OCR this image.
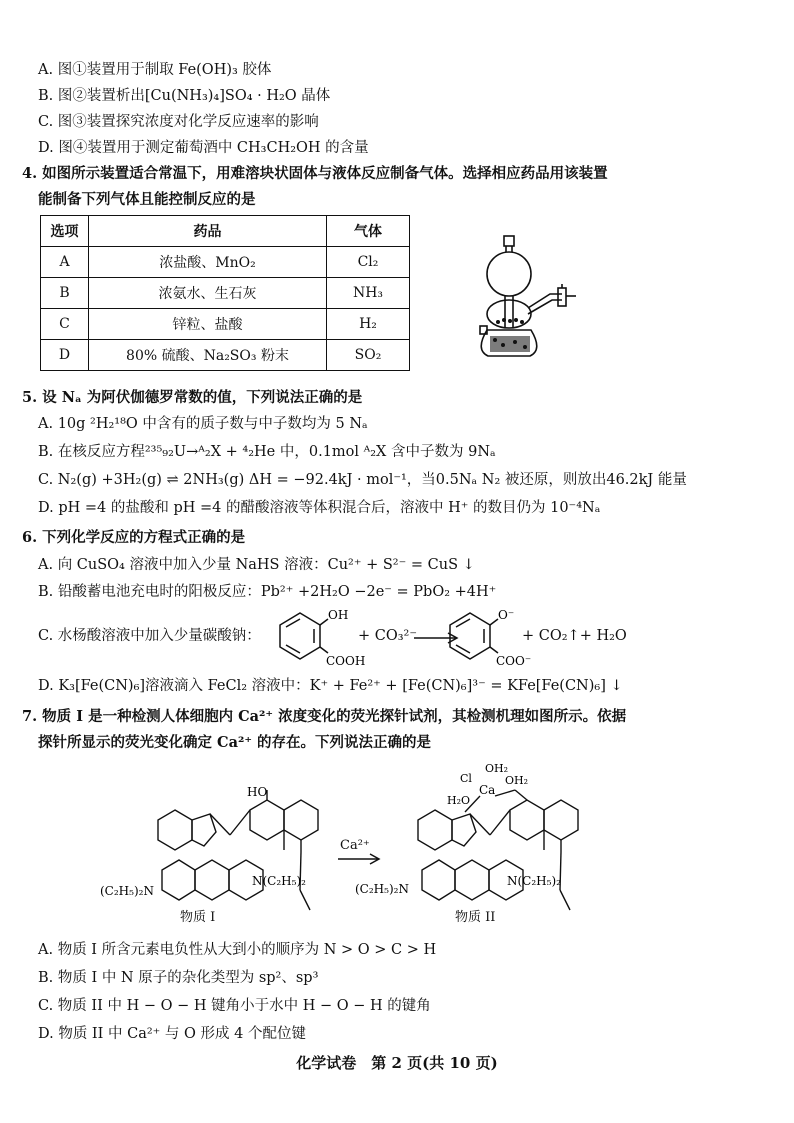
A. 图①装置用于制取 Fe(OH)₃ 胶体
B. 图②装置析出[Cu(NH₃)₄]SO₄ · H₂O 晶体
C. 图③装置探究浓度对化学反应速率的影响
D. 图④装置用于测定葡萄酒中 CH₃CH₂OH 的含量
4. 如图所示装置适合常温下，用难溶块状固体与液体反应制备气体。选择相应药品用该装置
能制备下列气体且能控制反应的是
选项	药品	气体
A	浓盐酸、MnO₂	Cl₂
B	浓氨水、生石灰	NH₃
C	锌粒、盐酸	H₂
D	80% 硫酸、Na₂SO₃ 粉末	SO₂
5. 设 Nₐ 为阿伏伽德罗常数的值，下列说法正确的是
A. 10g ²H₂¹⁸O 中含有的质子数与中子数均为 5 Nₐ
B. 在核反应方程²³⁵₉₂U→ᴬ₂X + ⁴₂He 中，0.1mol ᴬ₂X 含中子数为 9Nₐ
C. N₂(g) +3H₂(g) ⇌ 2NH₃(g) ΔH = −92.4kJ · mol⁻¹，当0.5Nₐ N₂ 被还原，则放出46.2kJ 能量
D. pH =4 的盐酸和 pH =4 的醋酸溶液等体积混合后，溶液中 H⁺ 的数目仍为 10⁻⁴Nₐ
6. 下列化学反应的方程式正确的是
A. 向 CuSO₄ 溶液中加入少量 NaHS 溶液：Cu²⁺ + S²⁻ = CuS ↓
B. 铅酸蓄电池充电时的阳极反应：Pb²⁺ +2H₂O −2e⁻ = PbO₂ +4H⁺
C. 水杨酸溶液中加入少量碳酸钠：
OH
COOH
+ CO₃²⁻
O⁻
COO⁻
+ CO₂↑+ H₂O
D. K₃[Fe(CN)₆]溶液滴入 FeCl₂ 溶液中：K⁺ + Fe²⁺ + [Fe(CN)₆]³⁻ = KFe[Fe(CN)₆] ↓
7. 物质 I 是一种检测人体细胞内 Ca²⁺ 浓度变化的荧光探针试剂，其检测机理如图所示。依据
探针所显示的荧光变化确定 Ca²⁺ 的存在。下列说法正确的是
HO
(C₂H₅)₂N
N(C₂H₅)₂
物质 I
Ca²⁺
Cl
OH₂
H₂O
Ca
OH₂
(C₂H₅)₂N
N(C₂H₅)₂
物质 II
A. 物质 I 所含元素电负性从大到小的顺序为 N > O > C > H
B. 物质 I 中 N 原子的杂化类型为 sp²、sp³
C. 物质 II 中 H − O − H 键角小于水中 H − O − H 的键角
D. 物质 II 中 Ca²⁺ 与 O 形成 4 个配位键
化学试卷　第 2 页(共 10 页)
